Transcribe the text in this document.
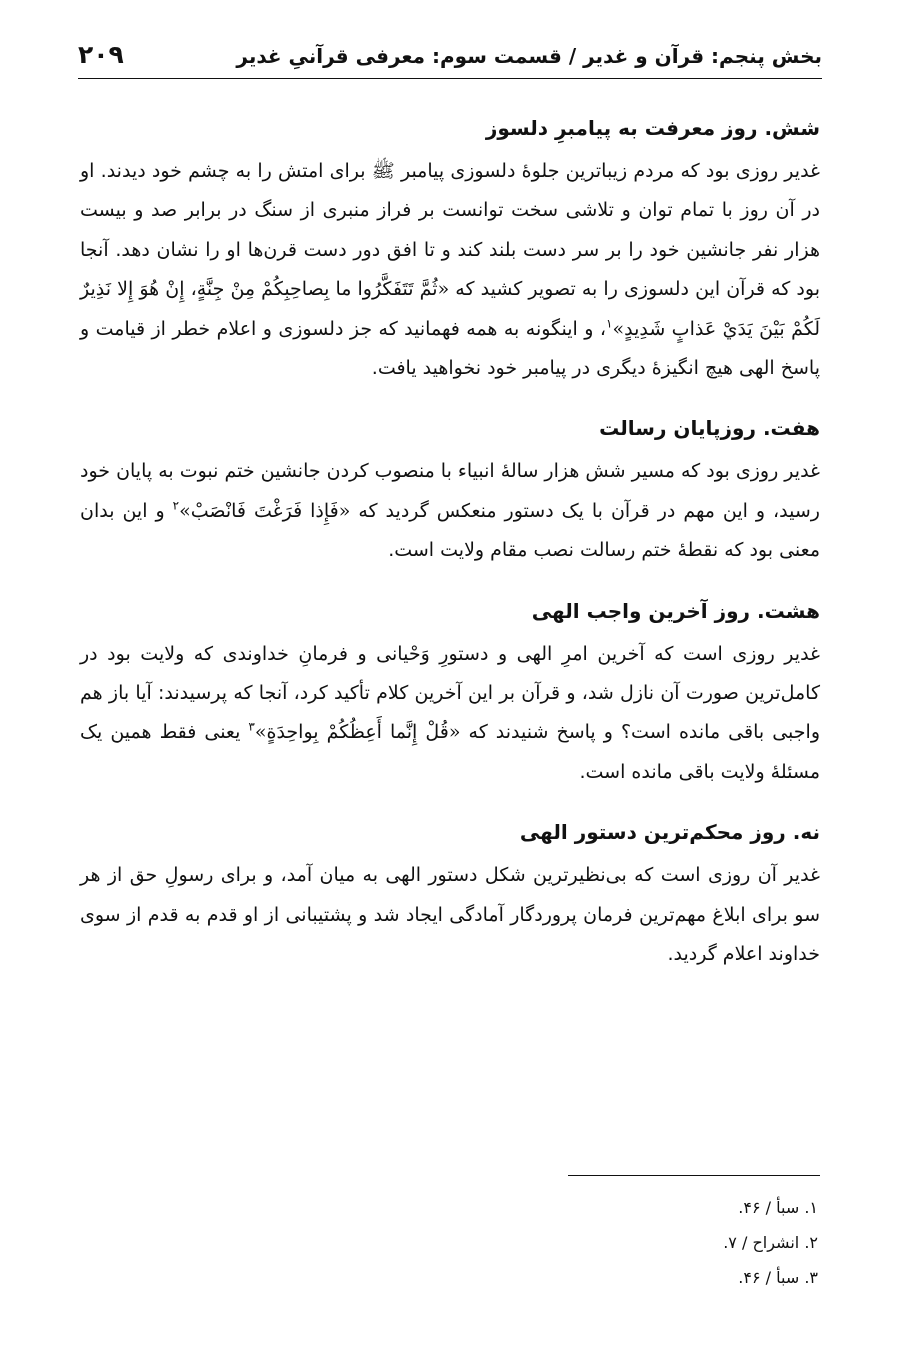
بخش پنجم: قرآن و غدیر / قسمت سوم: معرفی قرآنیِ غدیر
۲۰۹
شش. روز معرفت به پیامبرِ دلسوز

غدیر روزی بود که مردم زیباترین جلوۀ دلسوزی پیامبر ﷺ برای امتش را به چشم خود دیدند. او در آن روز با تمام توان و تلاشی سخت توانست بر فراز منبری از سنگ در برابر صد و بیست هزار نفر جانشین خود را بر سر دست بلند کند و تا افق دور دست قرن‌ها او را نشان دهد. آنجا بود که قرآن این دلسوزی را به تصویر کشید که «ثُمَّ تَتَفَكَّرُوا ما بِصاحِبِكُمْ مِنْ جِنَّةٍ، إِنْ هُوَ إِلا نَذِيرٌ لَكُمْ بَيْنَ يَدَيْ عَذابٍ شَدِيدٍ»$^۱$، و اینگونه به همه فهمانید که جز دلسوزی و اعلام خطر از قیامت و پاسخ الهی هیچ انگیزۀ دیگری در پیامبر خود نخواهید یافت.

هفت. روزپایان رسالت

غدیر روزی بود که مسیر شش هزار سالۀ انبیاء با منصوب کردن جانشین ختم نبوت به پایان خود رسید، و این مهم در قرآن با یک دستور منعکس گردید که «فَإِذا فَرَغْتَ فَانْصَبْ»$^۲$ و این بدان معنی بود که نقطۀ ختم رسالت نصب مقام ولایت است.

هشت. روز آخرین واجب الهی

غدیر روزی است که آخرین امرِ الهی و دستورِ وَحْیانی و فرمانِ خداوندی که ولایت بود در کامل‌ترین صورت آن نازل شد، و قرآن بر این آخرین کلام تأکید کرد، آنجا که پرسیدند: آیا باز هم واجبی باقی مانده است؟ و پاسخ شنیدند که «قُلْ إِنَّما أَعِظُكُمْ بِواحِدَةٍ»$^۳$ یعنی فقط همین یک مسئلۀ ولایت باقی مانده است.

نه. روز محکم‌ترین دستور الهی

غدیر آن روزی است که بی‌نظیرترین شکل دستور الهی به میان آمد، و برای رسولِ حق از هر سو برای ابلاغ مهم‌ترین فرمان پروردگار آمادگی ایجاد شد و پشتیبانی از او قدم به قدم از سوی خداوند اعلام گردید.

۱. سبأ / ۴۶.
۲. انشراح / ۷.
۳. سبأ / ۴۶.
